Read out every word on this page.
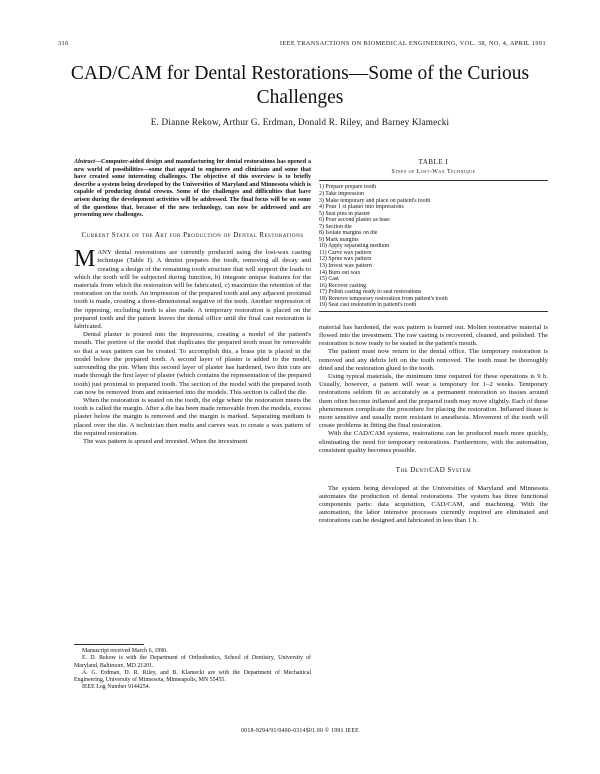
316	IEEE TRANSACTIONS ON BIOMEDICAL ENGINEERING, VOL. 38, NO. 4, APRIL 1991
CAD/CAM for Dental Restorations—Some of the Curious Challenges
E. Dianne Rekow, Arthur G. Erdman, Donald R. Riley, and Barney Klamecki

Abstract—Computer-aided design and manufacturing for dental restorations has opened a new world of possibilities—some that appeal to engineers and clinicians and some that have created some interesting challenges. The objective of this overview is to briefly describe a system being developed by the Universities of Maryland and Minnesota which is capable of producing dental crowns. Some of the challenges and difficulties that have arisen during the development activities will be addressed. The final focus will be on some of the questions that, because of the new technology, can now be addressed and are presenting new challenges.

Current State of the Art for Production of Dental Restorations

MANY dental restorations are currently produced using the lost-wax casting technique (Table I). A dentist prepares the tooth, removing all decay and creating a design of the remaining tooth structure that will support the loads to which the tooth will be subjected during function, b) integrate unique features for the materials from which the restoration will be fabricated, c) maximize the retention of the restoration on the tooth. An impression of the prepared tooth and any adjacent proximal tooth is made, creating a three-dimensional negative of the teeth. Another impression of the opposing, occluding teeth is also made. A temporary restoration is placed on the prepared tooth and the patient leaves the dental office until the final cast restoration is fabricated.

Dental plaster is poured into the impressions, creating a model of the patient's mouth. The portion of the model that duplicates the prepared tooth must be removable so that a wax pattern can be created. To accomplish this, a brass pin is placed in the model below the prepared tooth. A second layer of plaster is added to the model, surrounding the pin. When this second layer of plaster has hardened, two thin cuts are made through the first layer of plaster (which contains the representation of the prepared tooth) just proximal to prepared tooth. The section of the model with the prepared tooth can now be removed from and reinserted into the models. This section is called the die.

When the restoration is seated on the tooth, the edge where the restoration meets the tooth is called the margin. After a die has been made removable from the models, excess plaster below the margin is removed and the margin is marked. Separating medium is placed over the die. A technician then melts and carves wax to create a wax pattern of the required restoration.

The wax pattern is sprued and invested. When the investment

Manuscript received March 6, 1990.

E. D. Rekow is with the Department of Orthodontics, School of Dentistry, University of Maryland, Baltimore, MD 21201.

A. G. Erdman, D. R. Riley, and B. Klamecki are with the Department of Mechanical Engineering, University of Minnesota, Minneapolis, MN 55455.

IEEE Log Number 9144254.

TABLE I
Steps of Lost-Wax Technique
1) Prepare prepare tooth
2) Take impression
3) Make temporary and place on patient's tooth
4) Pour 1 st plaster into impressions
5) Seat pins in plaster
6) Pour second plaster as base
7) Section die
8) Isolate margins on die
9) Mark margins
10) Apply separating medium
11) Carve wax pattern
12) Sprue wax pattern
13) Invest wax pattern
14) Burn out wax
15) Cast
16) Recover casting
17) Polish casting ready to seat restorations
18) Remove temporary restoration from patient's tooth
19) Seat cast restoration in patient's tooth

material has hardened, the wax pattern is burned out. Molten restorative material is flowed into the investment. The raw casting is recovered, cleaned, and polished. The restoration is now ready to be seated in the patient's mouth.

The patient must now return to the dental office. The temporary restoration is removed and any debris left on the tooth removed. The tooth must be thoroughly dried and the restoration glued to the tooth.

Using typical materials, the minimum time required for these operations is 9 h. Usually, however, a patient will wear a temporary for 1–2 weeks. Temporary restorations seldom fit as accurately as a permanent restoration so tissues around them often become inflamed and the prepared tooth may move slightly. Each of these phenomenon complicate the procedure for placing the restoration. Inflamed tissue is more sensitive and usually more resistant to anesthesia. Movement of the tooth will create problems in fitting the final restoration.

With the CAD/CAM systems, restorations can be produced much more quickly, eliminating the need for temporary restorations. Furthermore, with the automation, consistent quality becomes possible.

The DentiCAD System

The system being developed at the Universities of Maryland and Minnesota automates the production of dental restorations. The system has three functional components parts: data acquisition, CAD/CAM, and machining. With the automation, the labor intensive processes currently required are eliminated and restorations can be designed and fabricated in less than 1 h.

0018-9294/91/0400-0314$01.00 © 1991 IEEE
